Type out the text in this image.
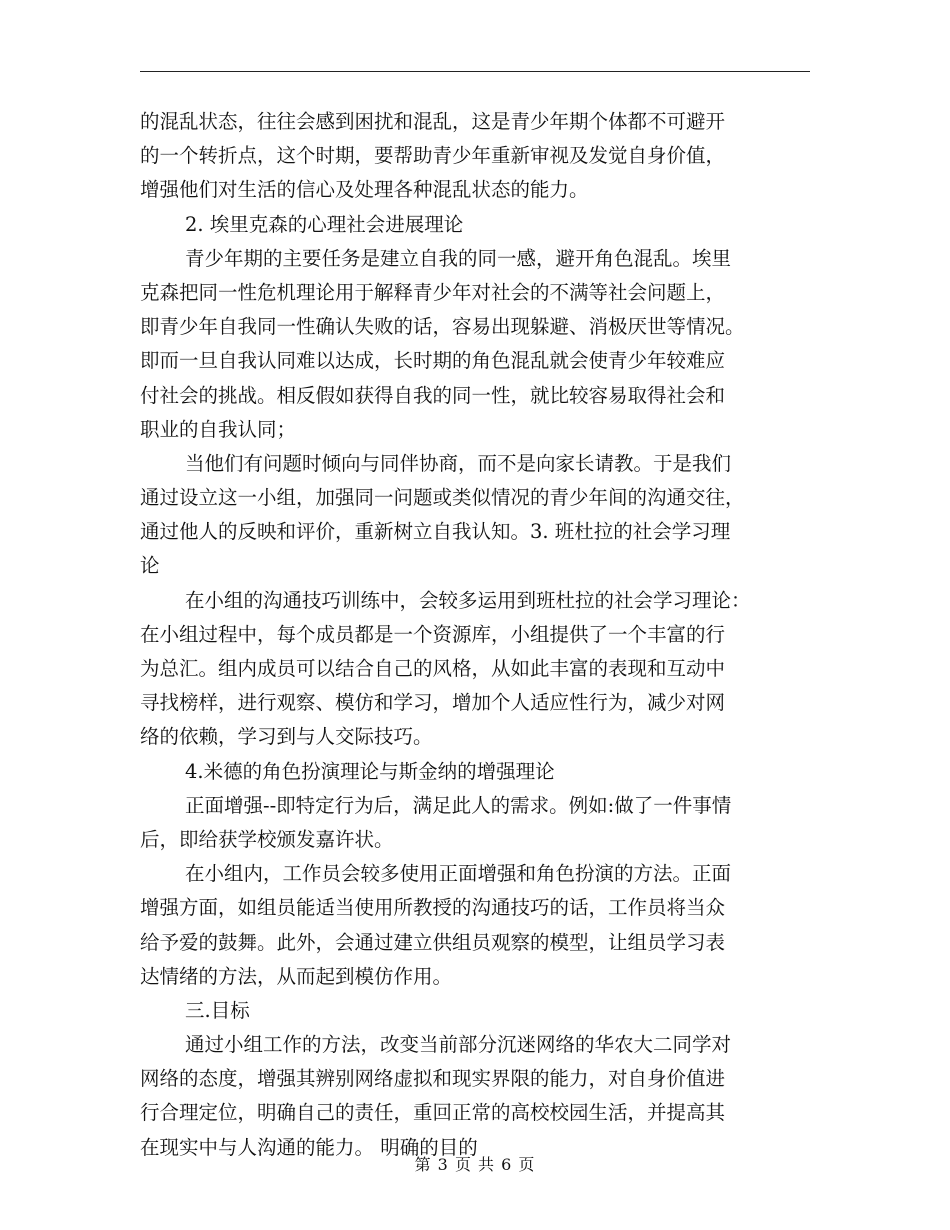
的混乱状态，往往会感到困扰和混乱，这是青少年期个体都不可避开
的一个转折点，这个时期，要帮助青少年重新审视及发觉自身价值，
增强他们对生活的信心及处理各种混乱状态的能力。
2. 埃里克森的心理社会进展理论
青少年期的主要任务是建立自我的同一感，避开角色混乱。埃里
克森把同一性危机理论用于解释青少年对社会的不满等社会问题上，
即青少年自我同一性确认失败的话，容易出现躲避、消极厌世等情况。
即而一旦自我认同难以达成，长时期的角色混乱就会使青少年较难应
付社会的挑战。相反假如获得自我的同一性，就比较容易取得社会和
职业的自我认同；
当他们有问题时倾向与同伴协商，而不是向家长请教。于是我们
通过设立这一小组，加强同一问题或类似情况的青少年间的沟通交往，
通过他人的反映和评价，重新树立自我认知。3. 班杜拉的社会学习理
论
在小组的沟通技巧训练中，会较多运用到班杜拉的社会学习理论：
在小组过程中，每个成员都是一个资源库，小组提供了一个丰富的行
为总汇。组内成员可以结合自己的风格，从如此丰富的表现和互动中
寻找榜样，进行观察、模仿和学习，增加个人适应性行为，减少对网
络的依赖，学习到与人交际技巧。
4.米德的角色扮演理论与斯金纳的增强理论
正面增强--即特定行为后，满足此人的需求。例如:做了一件事情
后，即给获学校颁发嘉许状。
在小组内，工作员会较多使用正面增强和角色扮演的方法。正面
增强方面，如组员能适当使用所教授的沟通技巧的话，工作员将当众
给予爱的鼓舞。此外，会通过建立供组员观察的模型，让组员学习表
达情绪的方法，从而起到模仿作用。
三.目标
通过小组工作的方法，改变当前部分沉迷网络的华农大二同学对
网络的态度，增强其辨别网络虚拟和现实界限的能力，对自身价值进
行合理定位，明确自己的责任，重回正常的高校校园生活，并提高其
在现实中与人沟通的能力。 明确的目的
第 3 页 共 6 页
